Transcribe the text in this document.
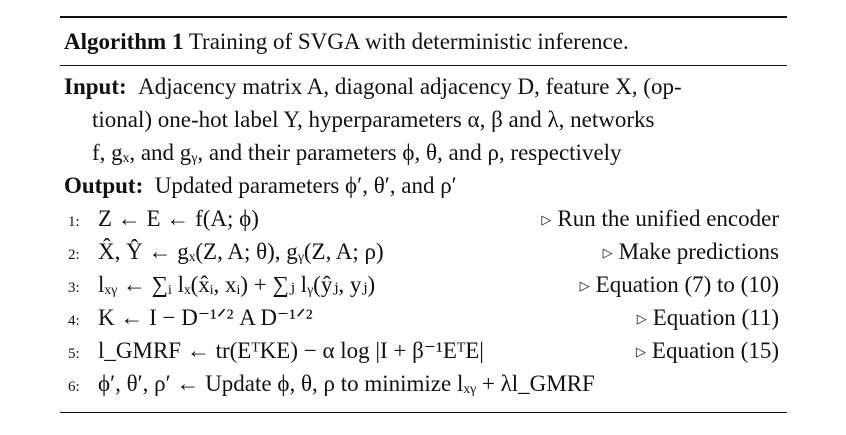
Algorithm 1 Training of SVGA with deterministic inference.
Input: Adjacency matrix A, diagonal adjacency D, feature X, (op-
tional) one-hot label Y, hyperparameters α, β and λ, networks
f, gₓ, and gᵧ, and their parameters ϕ, θ, and ρ, respectively
Output: Updated parameters ϕ′, θ′, and ρ′
1: Z ← E ← f(A; ϕ)	▷ Run the unified encoder
2: X̂, Ŷ ← gₓ(Z, A; θ), gᵧ(Z, A; ρ)	▷ Make predictions
3: lₓᵧ ← ∑ᵢ lₓ(x̂ᵢ, xᵢ) + ∑ⱼ lᵧ(ŷⱼ, yⱼ)	▷ Equation (7) to (10)
4: K ← I − D⁻¹ᐟ² A D⁻¹ᐟ²	▷ Equation (11)
5: l_GMRF ← tr(EᵀKE) − α log |I + β⁻¹EᵀE|	▷ Equation (15)
6: ϕ′, θ′, ρ′ ← Update ϕ, θ, ρ to minimize lₓᵧ + λl_GMRF
